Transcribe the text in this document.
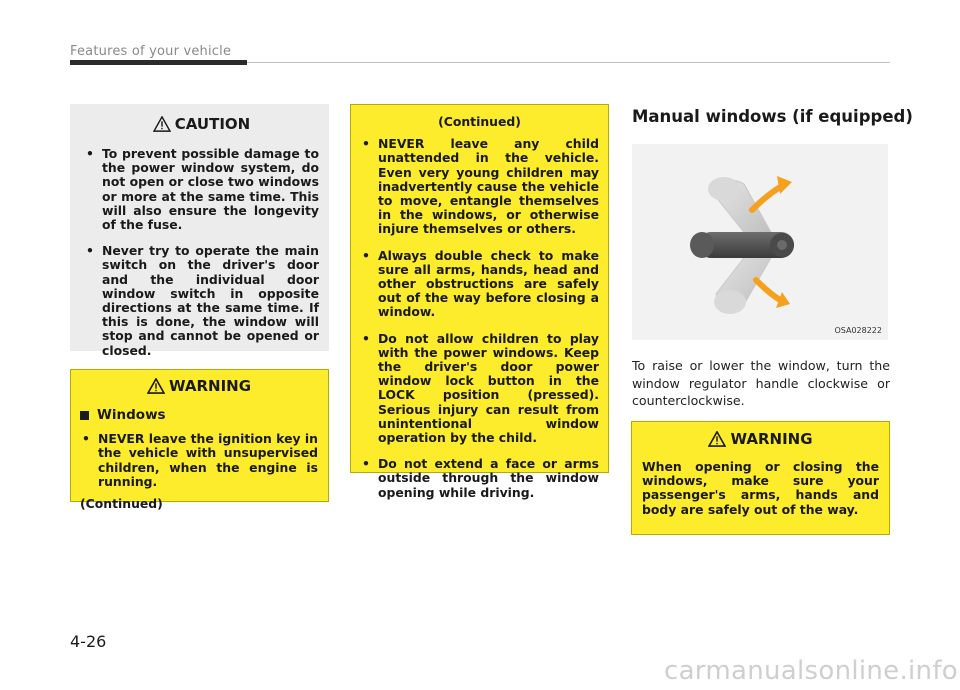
Features of your vehicle
CAUTION
• To prevent possible damage to the power window system, do not open or close two windows or more at the same time. This will also ensure the longevity of the fuse.
• Never try to operate the main switch on the driver's door and the individual door window switch in opposite directions at the same time. If this is done, the window will stop and cannot be opened or closed.
WARNING
Windows
• NEVER leave the ignition key in the vehicle with unsupervised children, when the engine is running.
(Continued)
(Continued)
• NEVER leave any child unattended in the vehicle. Even very young children may inadvertently cause the vehicle to move, entangle themselves in the windows, or otherwise injure themselves or others.
• Always double check to make sure all arms, hands, head and other obstructions are safely out of the way before closing a window.
• Do not allow children to play with the power windows. Keep the driver's door power window lock button in the LOCK position (pressed). Serious injury can result from unintentional window operation by the child.
• Do not extend a face or arms outside through the window opening while driving.
Manual windows (if equipped)
OSA028222
To raise or lower the window, turn the window regulator handle clockwise or counterclockwise.
WARNING

When opening or closing the windows, make sure your passenger's arms, hands and body are safely out of the way.

4-26
carmanualsonline.info
